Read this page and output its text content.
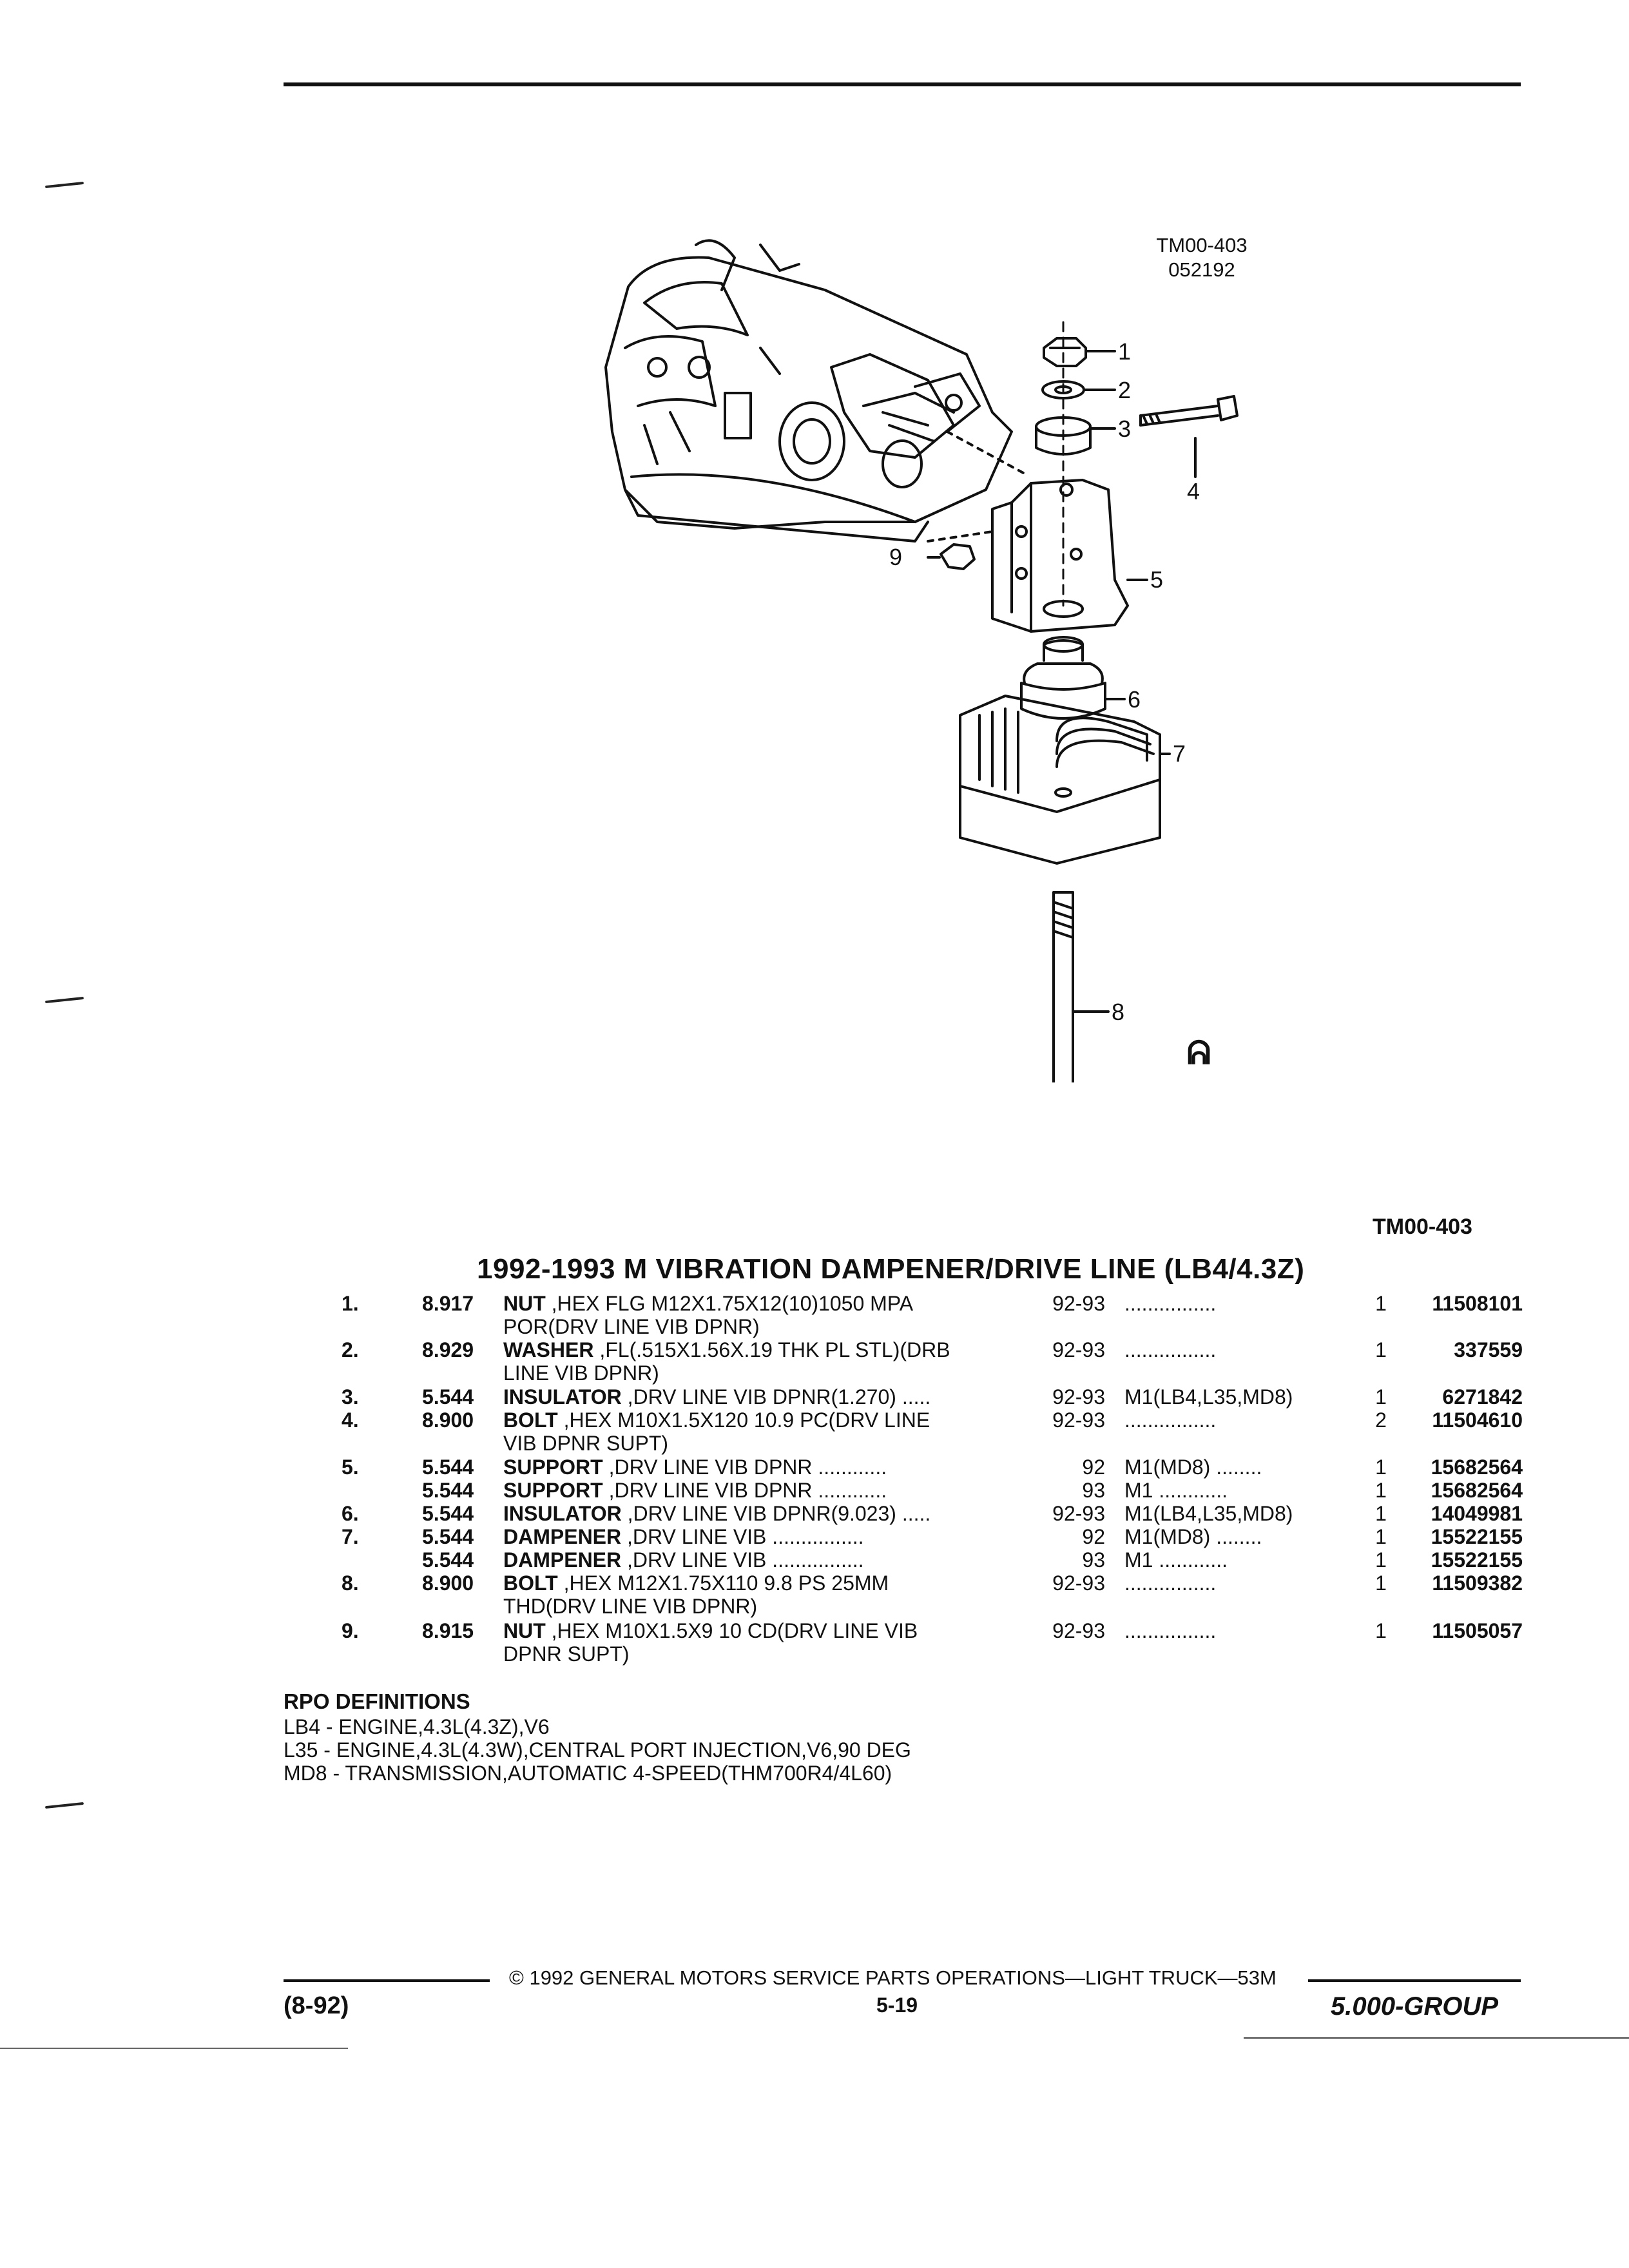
TM00-403
052192
1
2
3
4
5
6
7
8
9
ᕱ
TM00-403
1992-1993 M VIBRATION DAMPENER/DRIVE LINE (LB4/4.3Z)
1.	8.917 NUT ,HEX FLG M12X1.75X12(10)1050 MPA	92-93 ................	1	11508101
POR(DRV LINE VIB DPNR)
2.	8.929 WASHER ,FL(.515X1.56X.19 THK PL STL)(DRB	92-93 ................	1	337559
LINE VIB DPNR)
3.	5.544 INSULATOR ,DRV LINE VIB DPNR(1.270) .....	92-93 M1(LB4,L35,MD8)	1	6271842
4.	8.900 BOLT ,HEX M10X1.5X120 10.9 PC(DRV LINE	92-93 ................	2	11504610
VIB DPNR SUPT)
5.	5.544 SUPPORT ,DRV LINE VIB DPNR ............	92 M1(MD8) ........	1	15682564
5.544 SUPPORT ,DRV LINE VIB DPNR ............	93 M1 ............	1	15682564
6.	5.544 INSULATOR ,DRV LINE VIB DPNR(9.023) .....	92-93 M1(LB4,L35,MD8)	1	14049981
7.	5.544 DAMPENER ,DRV LINE VIB ................	92 M1(MD8) ........	1	15522155
5.544 DAMPENER ,DRV LINE VIB ................	93 M1 ............	1	15522155
8.	8.900 BOLT ,HEX M12X1.75X110 9.8 PS 25MM	92-93 ................	1	11509382
THD(DRV LINE VIB DPNR)
9.	8.915 NUT ,HEX M10X1.5X9 10 CD(DRV LINE VIB	92-93 ................	1	11505057
DPNR SUPT)
RPO DEFINITIONS
LB4 - ENGINE,4.3L(4.3Z),V6
L35 - ENGINE,4.3L(4.3W),CENTRAL PORT INJECTION,V6,90 DEG
MD8 - TRANSMISSION,AUTOMATIC 4-SPEED(THM700R4/4L60)
© 1992 GENERAL MOTORS SERVICE PARTS OPERATIONS—LIGHT TRUCK—53M
(8-92)	5-19	5.000-GROUP
